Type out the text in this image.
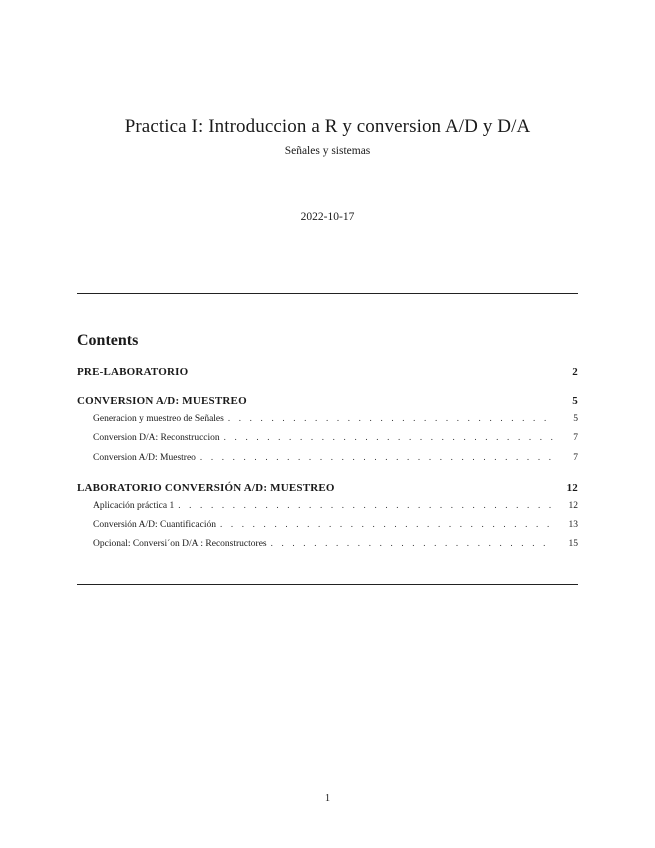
Practica I: Introduccion a R y conversion A/D y D/A
Señales y sistemas
2022-10-17
Contents
PRE-LABORATORIO	2
CONVERSION A/D: MUESTREO	5
Generacion y muestreo de Señales . . .	5
Conversion D/A: Reconstruccion . . .	7
Conversion A/D: Muestreo . . .	7
LABORATORIO CONVERSIÓN A/D: MUESTREO	12
Aplicación práctica 1 . . .	12
Conversión A/D: Cuantificación . . .	13
Opcional: Conversi´on D/A : Reconstructores . . .	15
1
